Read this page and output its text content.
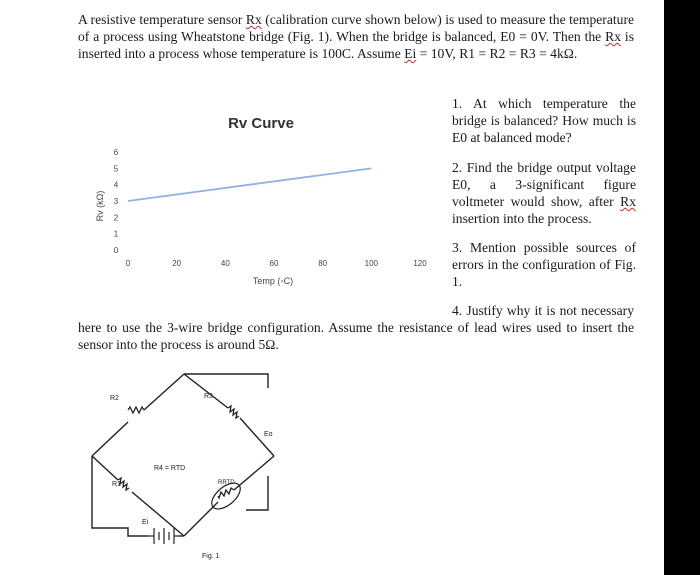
A resistive temperature sensor Rx (calibration curve shown below) is used to measure the temperature of a process using Wheatstone bridge (Fig. 1). When the bridge is balanced, E0 = 0V. Then the Rx is inserted into a process whose temperature is 100C. Assume Ei = 10V, R1 = R2 = R3 = 4kΩ.
Rv Curve
Rv (kΩ)
Temp (◦C)
0
1
2
3
4
5
6
0	20	40	60	80	100	120
1. At which temperature the bridge is balanced? How much is E0 at balanced mode?
2. Find the bridge output voltage E0, a 3-significant figure voltmeter would show, after Rx insertion into the process.
3. Mention possible sources of errors in the configuration of Fig. 1.
4. Justify why it is not necessary here to use the 3-wire bridge configuration. Assume the resistance of lead wires used to insert the sensor into the process is around 5Ω.
R2	R3
R1
R4 = RTD
RRTD
Eo
Ei
Fig. 1
